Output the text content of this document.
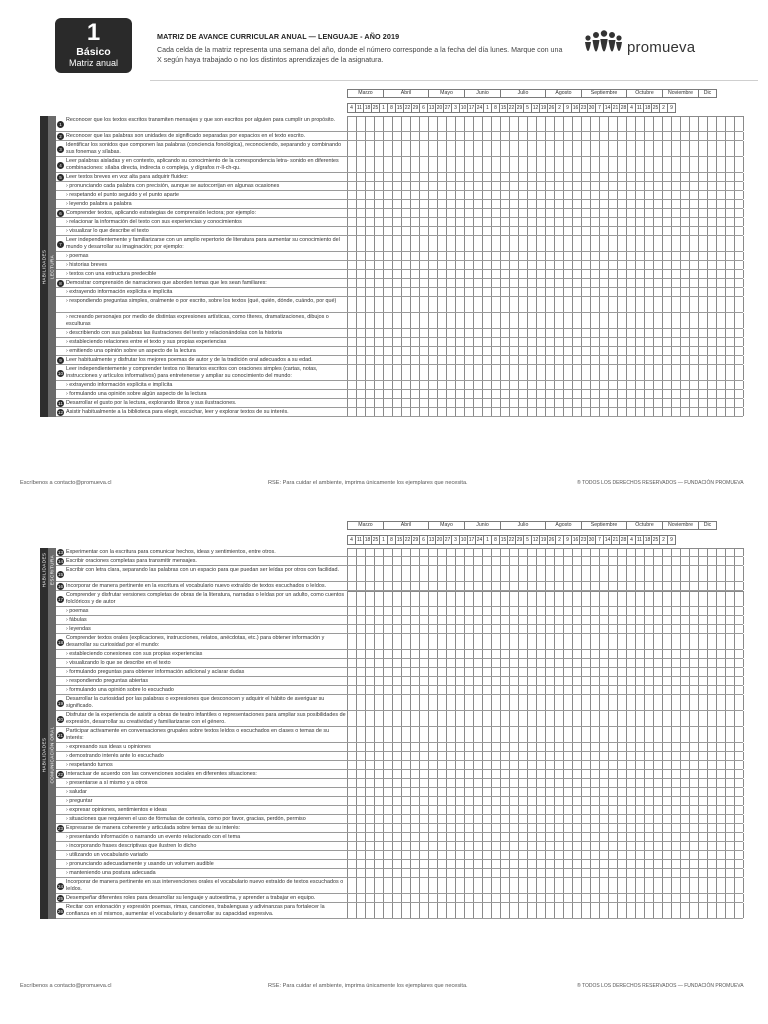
1
Básico
Matriz anual
MATRIZ DE AVANCE CURRICULAR ANUAL — LENGUAJE - AÑO 2019
Cada celda de la matriz representa una semana del año, donde el número corresponde a la fecha del día lunes. Marque con una X según haya trabajado o no los distintos aprendizajes de la asignatura.
promueva
Marzo	Abril	Mayo	Junio	Julio	Agosto	Septiembre	Octubre	Noviembre	Dic
4 11 18 25 1	8 15 22 29 6 13 20 27 3 10 17 24 1	8 15 22 29 5 12 19 26 2	9 16 23 30 7 14 21 28 4 11 18 25 2	9
HABILIDADES LECTURA
1
Reconocer que los textos escritos transmiten mensajes y que son escritos por alguien para cumplir un propósito.
2 Reconocer que las palabras son unidades de significado separadas por espacios en el texto escrito.
3
Identificar los sonidos que componen las palabras (conciencia fonológica), reconociendo, separando y combinando sus fonemas y sílabas.
4
Leer palabras aisladas y en contexto, aplicando su conocimiento de la correspondencia letra- sonido en diferentes combinaciones: sílaba directa, indirecta o compleja, y dígrafos rr-ll-ch-qu.
5 Leer textos breves en voz alta para adquirir fluidez:
› pronunciando cada palabra con precisión, aunque se autocorrijan en algunas ocasiones
› respetando el punto seguido y el punto aparte
› leyendo palabra a palabra
6 Comprender textos, aplicando estrategias de comprensión lectora; por ejemplo:
› relacionar la información del texto con sus experiencias y conocimientos
› visualizar lo que describe el texto
7
Leer independientemente y familiarizarse con un amplio repertorio de literatura para aumentar su conocimiento del mundo y desarrollar su imaginación; por ejemplo:
› poemas
› historias breves
› textos con una estructura predecible
8 Demostrar comprensión de narraciones que aborden temas que les sean familiares:
› extrayendo información explícita e implícita
› respondiendo preguntas simples, oralmente o por escrito, sobre los textos (qué, quién, dónde, cuándo, por qué)
› recreando personajes por medio de distintas expresiones artísticas, como títeres, dramatizaciones, dibujos o esculturas
› describiendo con sus palabras las ilustraciones del texto y relacionándolas con la historia
› estableciendo relaciones entre el texto y sus propias experiencias
› emitiendo una opinión sobre un aspecto de la lectura
9 Leer habitualmente y disfrutar los mejores poemas de autor y de la tradición oral adecuados a su edad.
10
Leer independientemente y comprender textos no literarios escritos con oraciones simples (cartas, notas, instrucciones y artículos informativos) para entretenerse y ampliar su conocimiento del mundo:
› extrayendo información explícita e implícita
› formulando una opinión sobre algún aspecto de la lectura
11 Desarrollar el gusto por la lectura, explorando libros y sus ilustraciones.
12 Asistir habitualmente a la biblioteca para elegir, escuchar, leer y explorar textos de su interés.
Marzo	Abril	Mayo	Junio	Julio	Agosto	Septiembre	Octubre	Noviembre	Dic
4 11 18 25 1	8 15 22 29 6 13 20 27 3 10 17 24 1	8 15 22 29 5 12 19 26 2	9 16 23 30 7 14 21 28 4 11 18 25 2	9
HABILIDADES ESCRITURA
13 Experimentar con la escritura para comunicar hechos, ideas y sentimientos, entre otros.
14 Escribir oraciones completas para transmitir mensajes.
15
Escribir con letra clara, separando las palabras con un espacio para que puedan ser leídas por otros con facilidad.
16 Incorporar de manera pertinente en la escritura el vocabulario nuevo extraído de textos escuchados o leídos.
HABILIDADES COMUNICACIÓN ORAL
17
Comprender y disfrutar versiones completas de obras de la literatura, narradas o leídas por un adulto, como cuentos folclóricos y de autor
› poemas
› fábulas
› leyendas
18
Comprender textos orales (explicaciones, instrucciones, relatos, anécdotas, etc.) para obtener información y desarrollar su curiosidad por el mundo:
› estableciendo conexiones con sus propias experiencias
› visualizando lo que se describe en el texto
› formulando preguntas para obtener información adicional y aclarar dudas
› respondiendo preguntas abiertas
› formulando una opinión sobre lo escuchado
19
Desarrollar la curiosidad por las palabras o expresiones que desconocen y adquirir el hábito de averiguar su significado.
20
Disfrutar de la experiencia de asistir a obras de teatro infantiles o representaciones para ampliar sus posibilidades de expresión, desarrollar su creatividad y familiarizarse con el género.
21
Participar activamente en conversaciones grupales sobre textos leídos o escuchados en clases o temas de su interés:
› expresando sus ideas u opiniones
› demostrando interés ante lo escuchado
› respetando turnos
22 Interactuar de acuerdo con las convenciones sociales en diferentes situaciones:
› presentarse a sí mismo y a otros
› saludar
› preguntar
› expresar opiniones, sentimientos e ideas
› situaciones que requieren el uso de fórmulas de cortesía, como por favor, gracias, perdón, permiso
23 Expresarse de manera coherente y articulada sobre temas de su interés:
› presentando información o narrando un evento relacionado con el tema
› incorporando frases descriptivas que ilustren lo dicho
› utilizando un vocabulario variado
› pronunciando adecuadamente y usando un volumen audible
› manteniendo una postura adecuada
24
Incorporar de manera pertinente en sus intervenciones orales el vocabulario nuevo extraído de textos escuchados o leídos.
25 Desempeñar diferentes roles para desarrollar su lenguaje y autoestima, y aprender a trabajar en equipo.
26
Recitar con entonación y expresión poemas, rimas, canciones, trabalenguas y adivinanzas para fortalecer la confianza en sí mismos, aumentar el vocabulario y desarrollar su capacidad expresiva.
Escríbenos a contacto@promueva.cl	RSE: Para cuidar el ambiente, imprima únicamente los ejemplares que necesita.	® TODOS LOS DERECHOS RESERVADOS — FUNDACIÓN PROMUEVA
Escríbenos a contacto@promueva.cl	RSE: Para cuidar el ambiente, imprima únicamente los ejemplares que necesita.	® TODOS LOS DERECHOS RESERVADOS — FUNDACIÓN PROMUEVA
